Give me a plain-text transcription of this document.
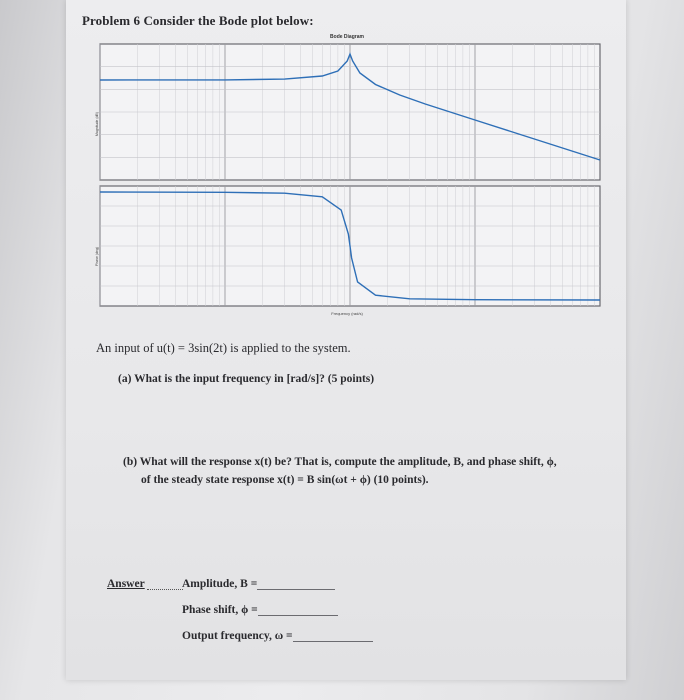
Problem 6 Consider the Bode plot below:
Bode Diagram
Magnitude (dB)
Phase (deg)
Frequency (rad/s)
An input of u(t) = 3sin(2t) is applied to the system.
(a) What is the input frequency in [rad/s]? (5 points)
(b) What will the response x(t) be? That is, compute the amplitude, B, and phase shift, ϕ,
of the steady state response x(t) = B sin(ωt + ϕ) (10 points).
Answer	Amplitude, B =
Phase shift, ϕ =
Output frequency, ω =
